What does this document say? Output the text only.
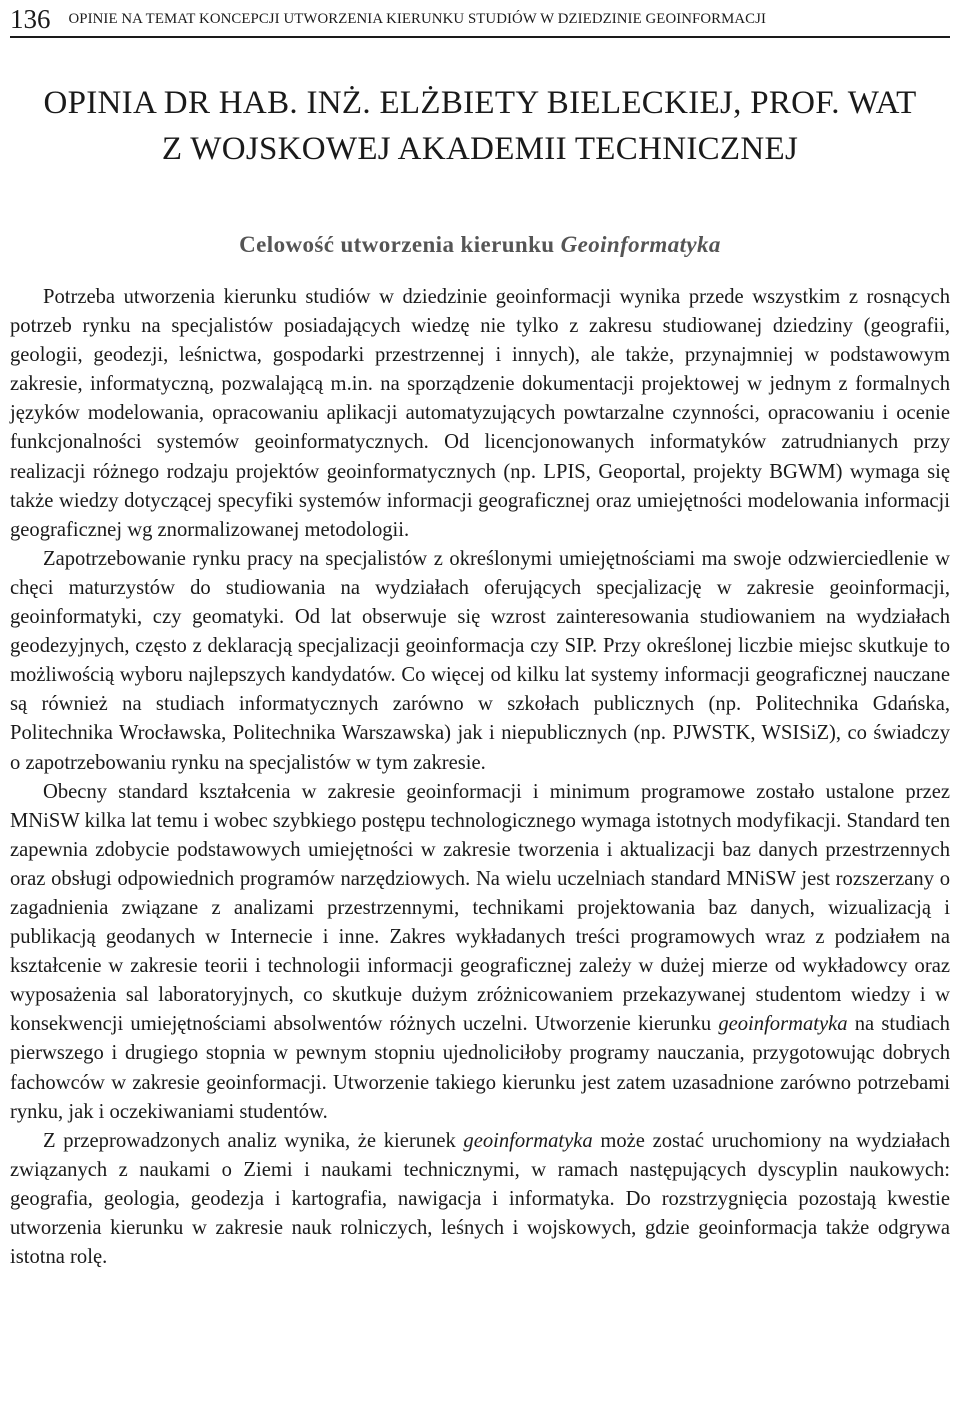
136 OPINIE NA TEMAT KONCEPCJI UTWORZENIA KIERUNKU STUDIÓW W DZIEDZINIE GEOINFORMACJI
OPINIA DR HAB. INŻ. ELŻBIETY BIELECKIEJ, PROF. WAT
Z WOJSKOWEJ AKADEMII TECHNICZNEJ
Celowość utworzenia kierunku Geoinformatyka

Potrzeba utworzenia kierunku studiów w dziedzinie geoinformacji wynika przede wszystkim z rosnących potrzeb rynku na specjalistów posiadających wiedzę nie tylko z zakresu studiowanej dziedziny (geografii, geologii, geodezji, leśnictwa, gospodarki przestrzennej i innych), ale także, przynajmniej w podstawowym zakresie, informatyczną, pozwalającą m.in. na sporządzenie dokumentacji projektowej w jednym z formalnych języków modelowania, opracowaniu aplikacji automatyzujących powtarzalne czynności, opracowaniu i ocenie funkcjonalności systemów geoinformatycznych. Od licencjonowanych informatyków zatrudnianych przy realizacji różnego rodzaju projektów geoinformatycznych (np. LPIS, Geoportal, projekty BGWM) wymaga się także wiedzy dotyczącej specyfiki systemów informacji geograficznej oraz umiejętności modelowania informacji geograficznej wg znormalizowanej metodologii.

Zapotrzebowanie rynku pracy na specjalistów z określonymi umiejętnościami ma swoje odzwierciedlenie w chęci maturzystów do studiowania na wydziałach oferujących specjalizację w zakresie geoinformacji, geoinformatyki, czy geomatyki. Od lat obserwuje się wzrost zainteresowania studiowaniem na wydziałach geodezyjnych, często z deklaracją specjalizacji geoinformacja czy SIP. Przy określonej liczbie miejsc skutkuje to możliwością wyboru najlepszych kandydatów. Co więcej od kilku lat systemy informacji geograficznej nauczane są również na studiach informatycznych zarówno w szkołach publicznych (np. Politechnika Gdańska, Politechnika Wrocławska, Politechnika Warszawska) jak i niepublicznych (np. PJWSTK, WSISiZ), co świadczy o zapotrzebowaniu rynku na specjalistów w tym zakresie.

Obecny standard kształcenia w zakresie geoinformacji i minimum programowe zostało ustalone przez MNiSW kilka lat temu i wobec szybkiego postępu technologicznego wymaga istotnych modyfikacji. Standard ten zapewnia zdobycie podstawowych umiejętności w zakresie tworzenia i aktualizacji baz danych przestrzennych oraz obsługi odpowiednich programów narzędziowych. Na wielu uczelniach standard MNiSW jest rozszerzany o zagadnienia związane z analizami przestrzennymi, technikami projektowania baz danych, wizualizacją i publikacją geodanych w Internecie i inne. Zakres wykładanych treści programowych wraz z podziałem na kształcenie w zakresie teorii i technologii informacji geograficznej zależy w dużej mierze od wykładowcy oraz wyposażenia sal laboratoryjnych, co skutkuje dużym zróżnicowaniem przekazywanej studentom wiedzy i w konsekwencji umiejętnościami absolwentów różnych uczelni. Utworzenie kierunku geoinformatyka na studiach pierwszego i drugiego stopnia w pewnym stopniu ujednoliciłoby programy nauczania, przygotowując dobrych fachowców w zakresie geoinformacji. Utworzenie takiego kierunku jest zatem uzasadnione zarówno potrzebami rynku, jak i oczekiwaniami studentów.

Z przeprowadzonych analiz wynika, że kierunek geoinformatyka może zostać uruchomiony na wydziałach związanych z naukami o Ziemi i naukami technicznymi, w ramach następujących dyscyplin naukowych: geografia, geologia, geodezja i kartografia, nawigacja i informatyka. Do rozstrzygnięcia pozostają kwestie utworzenia kierunku w zakresie nauk rolniczych, leśnych i wojskowych, gdzie geoinformacja także odgrywa istotna rolę.
